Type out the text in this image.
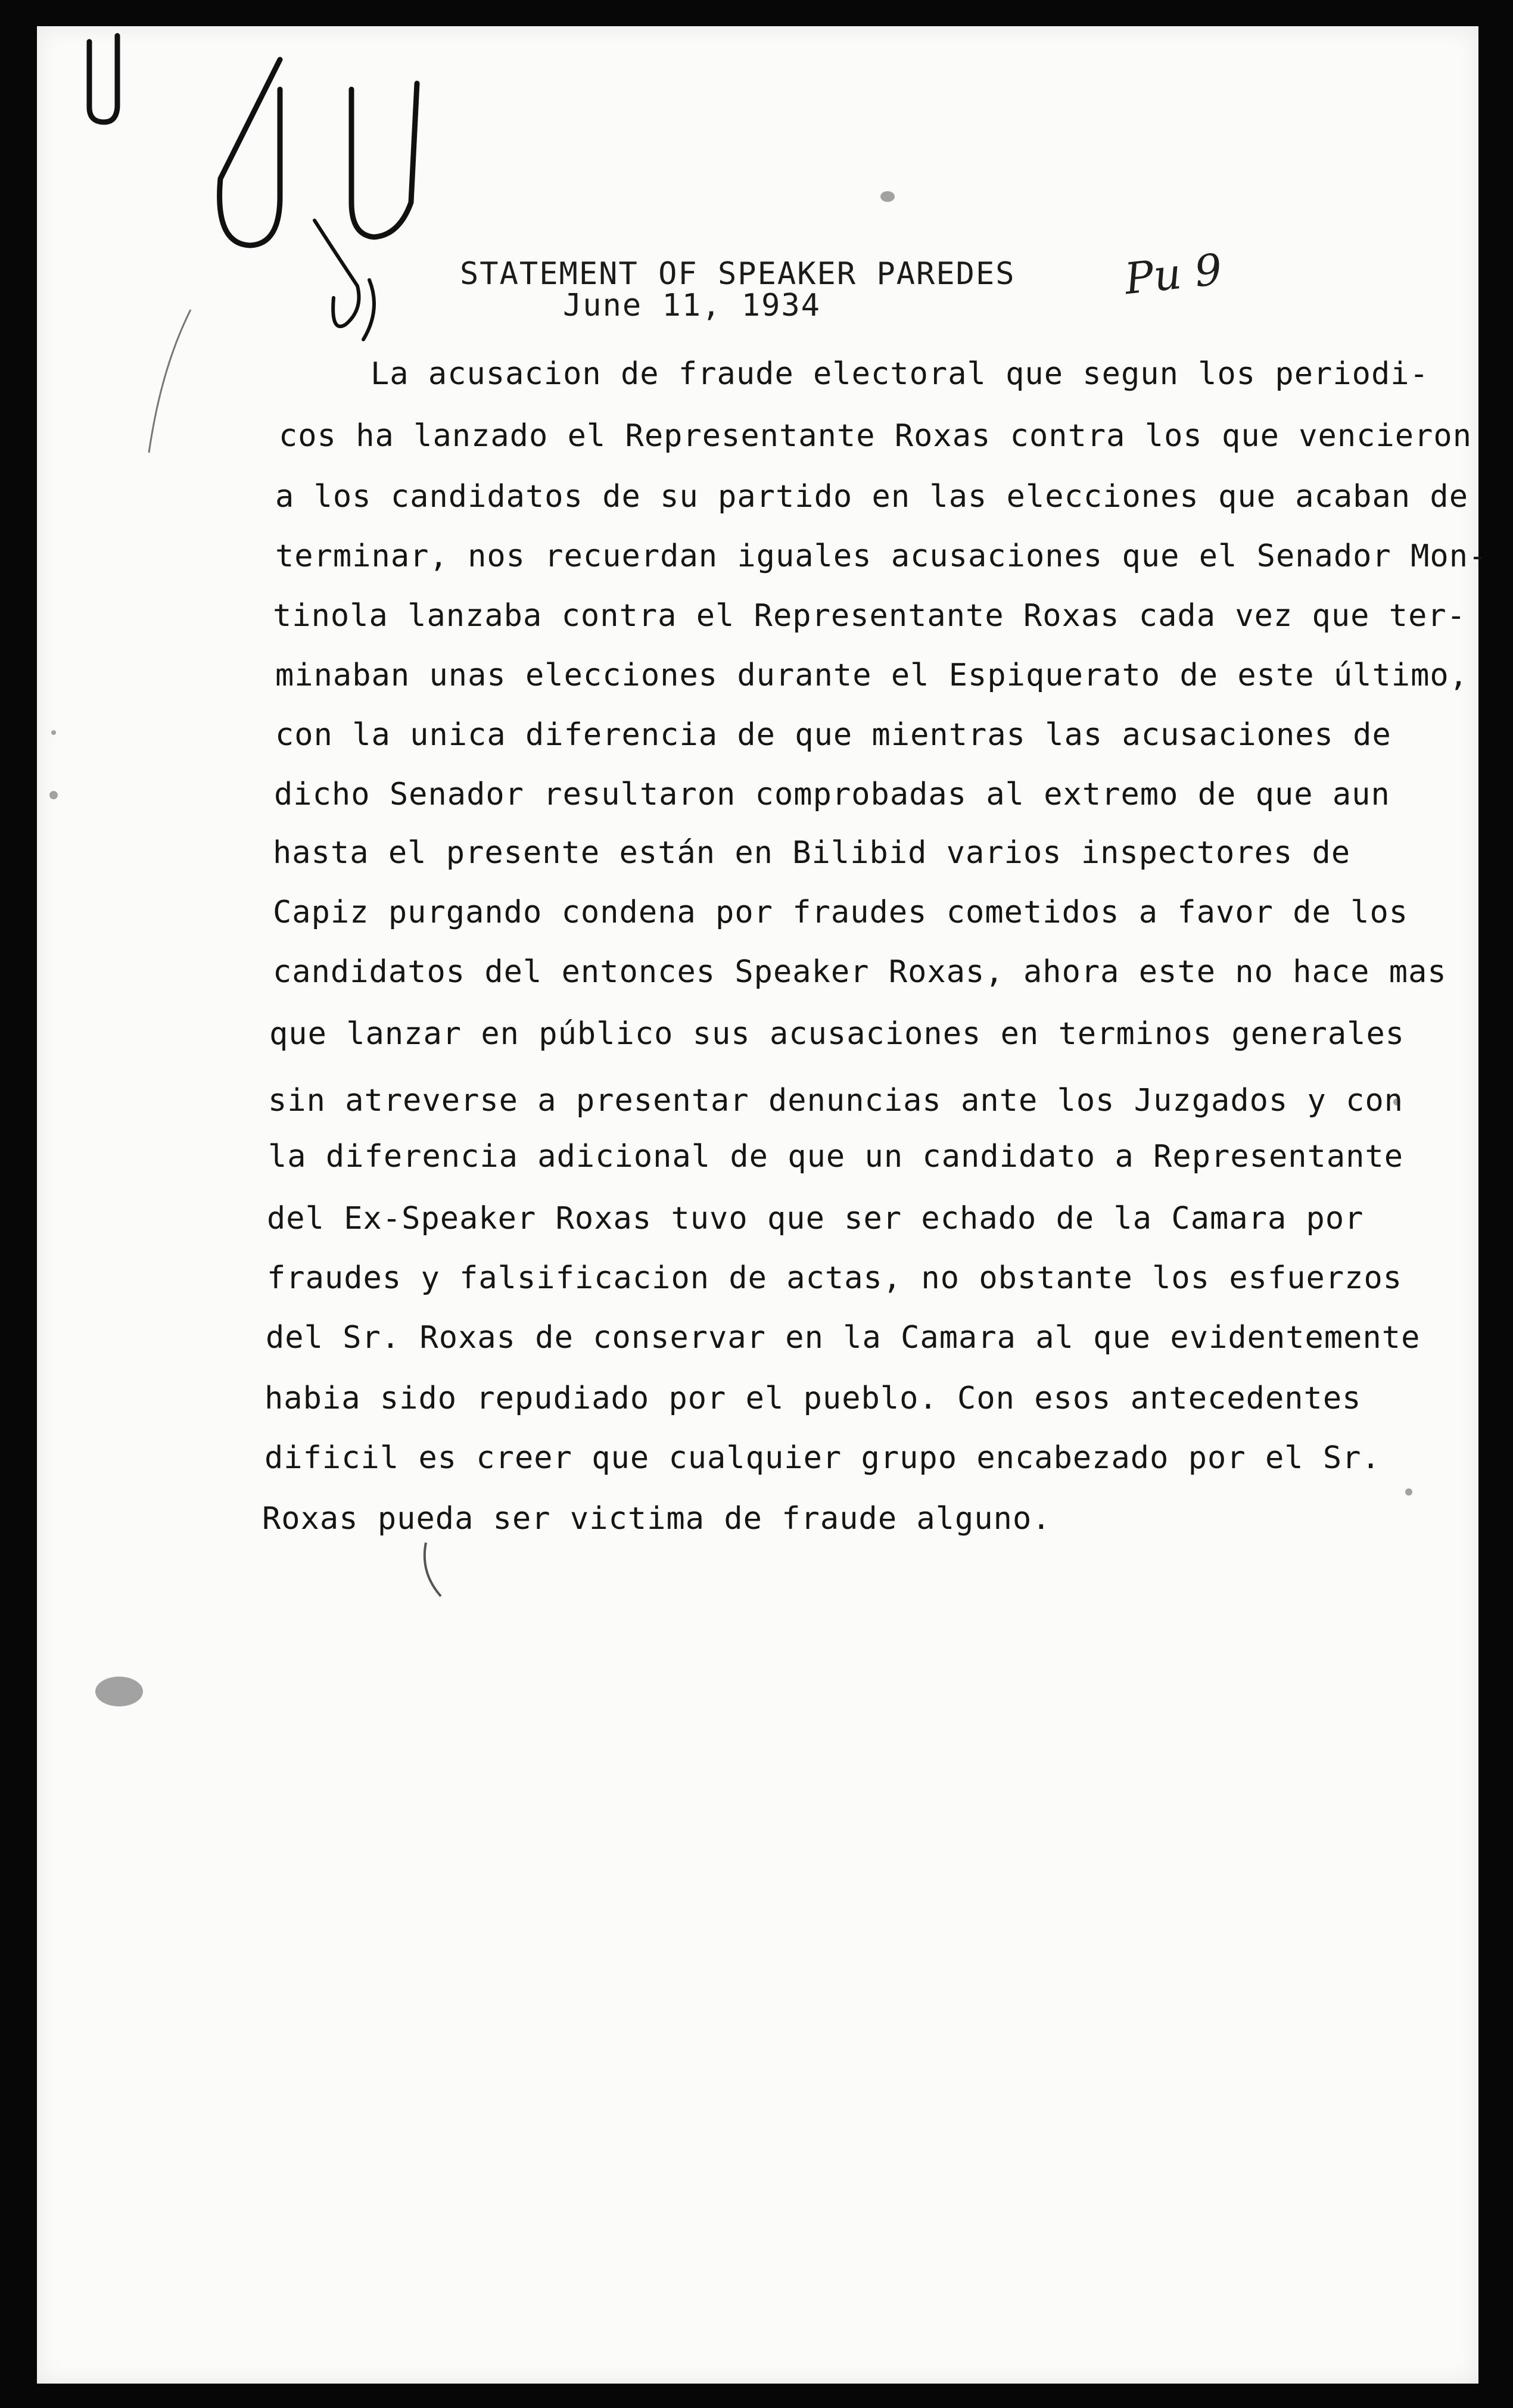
STATEMENT OF SPEAKER PAREDES
June 11, 1934
Pu 9
La acusacion de fraude electoral que segun los periodi-
cos ha lanzado el Representante Roxas contra los que vencieron
a los candidatos de su partido en las elecciones que acaban de
terminar, nos recuerdan iguales acusaciones que el Senador Mon-
tinola lanzaba contra el Representante Roxas cada vez que ter-
minaban unas elecciones durante el Espiquerato de este último,
con la unica diferencia de que mientras las acusaciones de
dicho Senador resultaron comprobadas al extremo de que aun
hasta el presente están en Bilibid varios inspectores de
Capiz purgando condena por fraudes cometidos a favor de los
candidatos del entonces Speaker Roxas, ahora este no hace mas
que lanzar en público sus acusaciones en terminos generales
sin atreverse a presentar denuncias ante los Juzgados y con
la diferencia adicional de que un candidato a Representante
del Ex-Speaker Roxas tuvo que ser echado de la Camara por
fraudes y falsificacion de actas, no obstante los esfuerzos
del Sr. Roxas de conservar en la Camara al que evidentemente
habia sido repudiado por el pueblo. Con esos antecedentes
dificil es creer que cualquier grupo encabezado por el Sr.
Roxas pueda ser victima de fraude alguno.
